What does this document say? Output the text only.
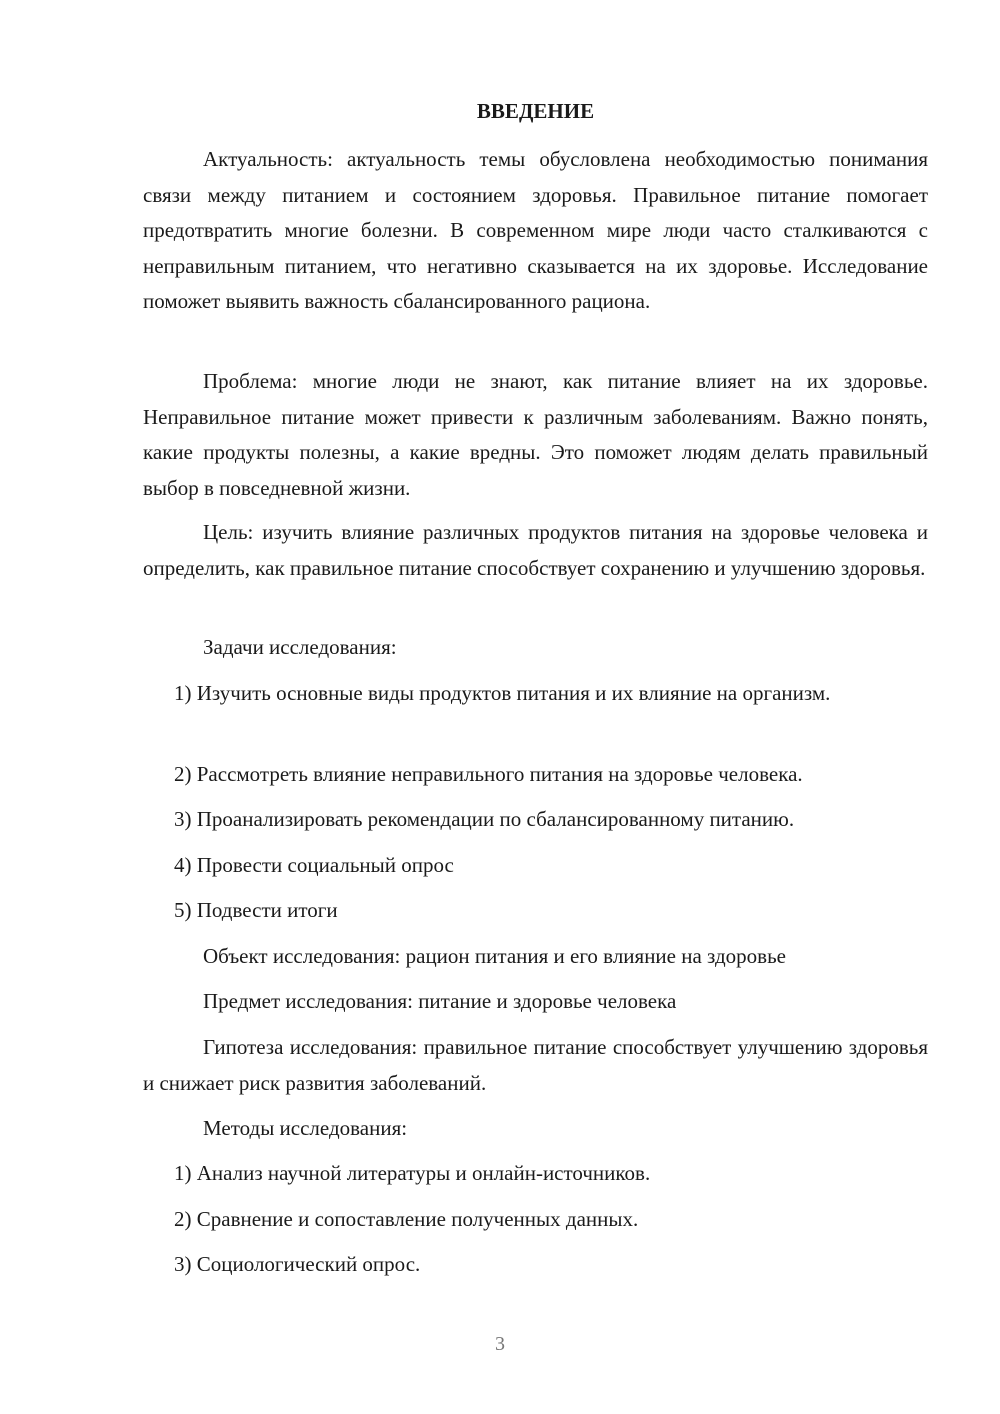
ВВЕДЕНИЕ

Актуальность: актуальность темы обусловлена необходимостью понимания связи между питанием и состоянием здоровья. Правильное питание помогает предотвратить многие болезни. В современном мире люди часто сталкиваются с неправильным питанием, что негативно сказывается на их здоровье. Исследование поможет выявить важность сбалансированного рациона.

Проблема: многие люди не знают, как питание влияет на их здоровье. Неправильное питание может привести к различным заболеваниям. Важно понять, какие продукты полезны, а какие вредны. Это поможет людям делать правильный выбор в повседневной жизни.

Цель: изучить влияние различных продуктов питания на здоровье человека и определить, как правильное питание способствует сохранению и улучшению здоровья.

Задачи исследования:

1) Изучить основные виды продуктов питания и их влияние на организм.

2) Рассмотреть влияние неправильного питания на здоровье человека.

3) Проанализировать рекомендации по сбалансированному питанию.

4) Провести социальный опрос

5) Подвести итоги

Объект исследования: рацион питания и его влияние на здоровье

Предмет исследования: питание и здоровье человека

Гипотеза исследования: правильное питание способствует улучшению здоровья и снижает риск развития заболеваний.

Методы исследования:

1) Анализ научной литературы и онлайн-источников.

2) Сравнение и сопоставление полученных данных.

3) Социологический опрос.

3
